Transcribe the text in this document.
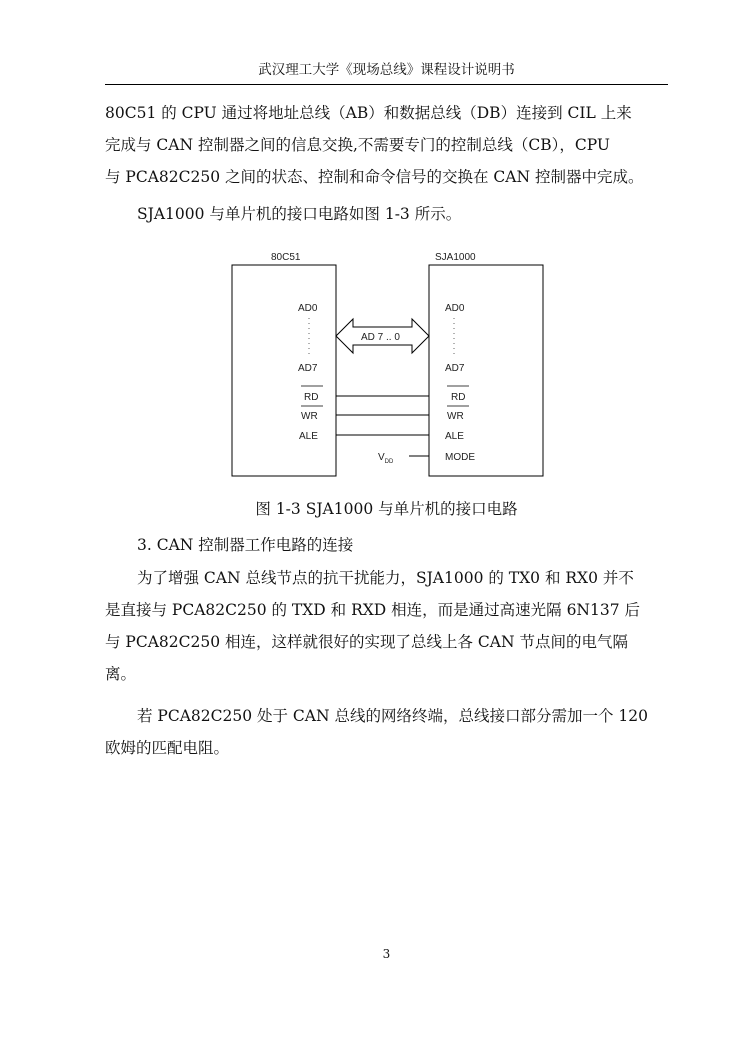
武汉理工大学《现场总线》课程设计说明书
80C51 的 CPU 通过将地址总线（AB）和数据总线（DB）连接到 CIL 上来
完成与 CAN 控制器之间的信息交换,不需要专门的控制总线（CB），CPU
与 PCA82C250 之间的状态、控制和命令信号的交换在 CAN 控制器中完成。
SJA1000 与单片机的接口电路如图 1-3 所示。
80C51
AD0
AD7
RD
WR
ALE
SJA1000
AD0
AD7
RD
WR
ALE
MODE
AD 7 .. 0
$V_{DD}$
图 1-3 SJA1000 与单片机的接口电路
3. CAN 控制器工作电路的连接
为了增强 CAN 总线节点的抗干扰能力，SJA1000 的 TX0 和 RX0 并不
是直接与 PCA82C250 的 TXD 和 RXD 相连，而是通过高速光隔 6N137 后
与 PCA82C250 相连，这样就很好的实现了总线上各 CAN 节点间的电气隔
离。
若 PCA82C250 处于 CAN 总线的网络终端，总线接口部分需加一个 120
欧姆的匹配电阻。
3
